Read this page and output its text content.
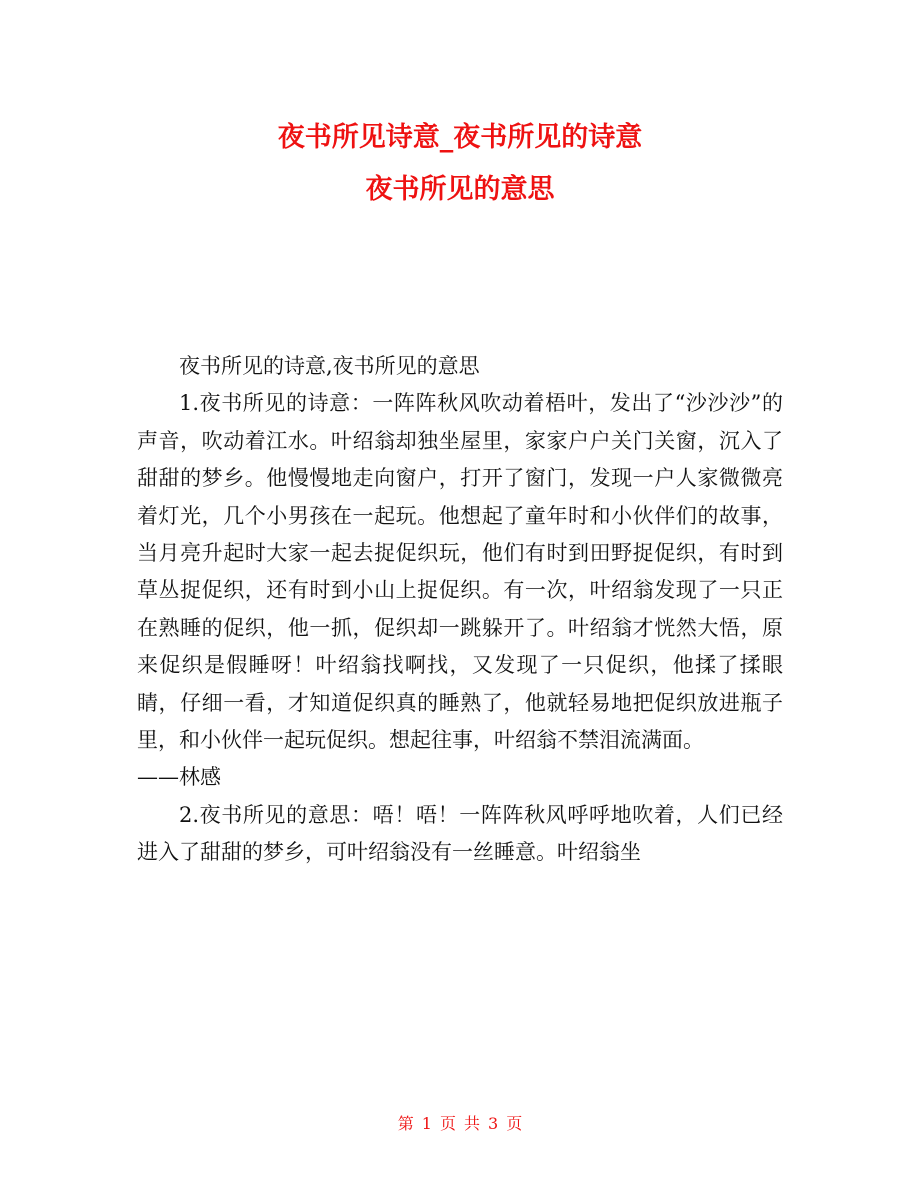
夜书所见诗意_夜书所见的诗意
夜书所见的意思

夜书所见的诗意,夜书所见的意思

1.夜书所见的诗意：一阵阵秋风吹动着梧叶，发出了“沙沙沙”的声音，吹动着江水。叶绍翁却独坐屋里，家家户户关门关窗，沉入了甜甜的梦乡。他慢慢地走向窗户，打开了窗门，发现一户人家微微亮着灯光，几个小男孩在一起玩。他想起了童年时和小伙伴们的故事，当月亮升起时大家一起去捉促织玩，他们有时到田野捉促织，有时到草丛捉促织，还有时到小山上捉促织。有一次，叶绍翁发现了一只正在熟睡的促织，他一抓，促织却一跳躲开了。叶绍翁才恍然大悟，原来促织是假睡呀！叶绍翁找啊找，又发现了一只促织，他揉了揉眼睛，仔细一看，才知道促织真的睡熟了，他就轻易地把促织放进瓶子里，和小伙伴一起玩促织。想起往事，叶绍翁不禁泪流满面。

——林感

2.夜书所见的意思：唔！唔！一阵阵秋风呼呼地吹着，人们已经进入了甜甜的梦乡，可叶绍翁没有一丝睡意。叶绍翁坐

第 1 页 共 3 页
